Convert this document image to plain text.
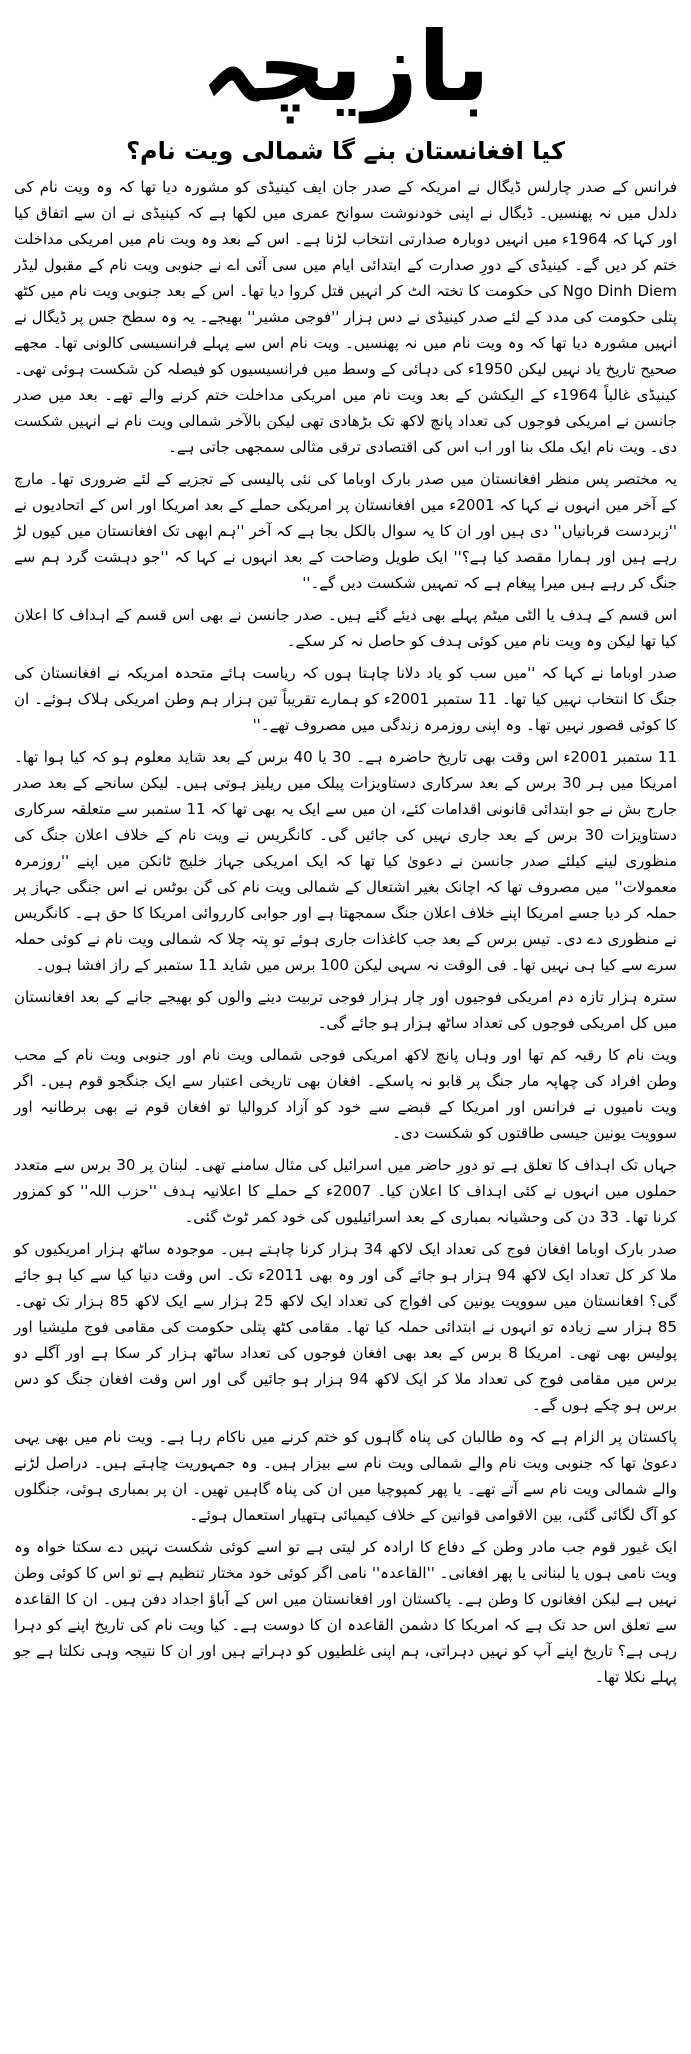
بازیچہ
کیا افغانستان بنے گا شمالی ویت نام؟

فرانس کے صدر چارلس ڈیگال نے امریکہ کے صدر جان ایف کینیڈی کو مشورہ دیا تھا کہ وہ ویت نام کی دلدل میں نہ پھنسیں۔ ڈیگال نے اپنی خودنوشت سوانح عمری میں لکھا ہے کہ کینیڈی نے ان سے اتفاق کیا اور کہا کہ 1964ء میں انہیں دوبارہ صدارتی انتخاب لڑنا ہے۔ اس کے بعد وہ ویت نام میں امریکی مداخلت ختم کر دیں گے۔ کینیڈی کے دورِ صدارت کے ابتدائی ایام میں سی آئی اے نے جنوبی ویت نام کے مقبول لیڈر Ngo Dinh Diem کی حکومت کا تختہ الٹ کر انہیں قتل کروا دیا تھا۔ اس کے بعد جنوبی ویت نام میں کٹھ پتلی حکومت کی مدد کے لئے صدر کینیڈی نے دس ہزار ''فوجی مشیر'' بھیجے۔ یہ وہ سطح جس پر ڈیگال نے انہیں مشورہ دیا تھا کہ وہ ویت نام میں نہ پھنسیں۔ ویت نام اس سے پہلے فرانسیسی کالونی تھا۔ مجھے صحیح تاریخ یاد نہیں لیکن 1950ء کی دہائی کے وسط میں فرانسیسیوں کو فیصلہ کن شکست ہوئی تھی۔ کینیڈی غالباً 1964ء کے الیکشن کے بعد ویت نام میں امریکی مداخلت ختم کرنے والے تھے۔ بعد میں صدر جانسن نے امریکی فوجوں کی تعداد پانچ لاکھ تک بڑھادی تھی لیکن بالآخر شمالی ویت نام نے انہیں شکست دی۔ ویت نام ایک ملک بنا اور اب اس کی اقتصادی ترقی مثالی سمجھی جاتی ہے۔

یہ مختصر پس منظر افغانستان میں صدر بارک اوباما کی نئی پالیسی کے تجزیے کے لئے ضروری تھا۔ مارچ کے آخر میں انہوں نے کہا کہ 2001ء میں افغانستان پر امریکی حملے کے بعد امریکا اور اس کے اتحادیوں نے ''زبردست قربانیاں'' دی ہیں اور ان کا یہ سوال بالکل بجا ہے کہ آخر ''ہم ابھی تک افغانستان میں کیوں لڑ رہے ہیں اور ہمارا مقصد کیا ہے؟'' ایک طویل وضاحت کے بعد انہوں نے کہا کہ ''جو دہشت گرد ہم سے جنگ کر رہے ہیں میرا پیغام ہے کہ تمہیں شکست دیں گے۔''

اس قسم کے ہدف یا الٹی میٹم پہلے بھی دیئے گئے ہیں۔ صدر جانسن نے بھی اس قسم کے اہداف کا اعلان کیا تھا لیکن وہ ویت نام میں کوئی ہدف کو حاصل نہ کر سکے۔

صدر اوباما نے کہا کہ ''میں سب کو یاد دلانا چاہتا ہوں کہ ریاست ہائے متحدہ امریکہ نے افغانستان کی جنگ کا انتخاب نہیں کیا تھا۔ 11 ستمبر 2001ء کو ہمارے تقریباً تین ہزار ہم وطن امریکی ہلاک ہوئے۔ ان کا کوئی قصور نہیں تھا۔ وہ اپنی روزمرہ زندگی میں مصروف تھے۔''

11 ستمبر 2001ء اس وقت بھی تاریخ حاضرہ ہے۔ 30 یا 40 برس کے بعد شاید معلوم ہو کہ کیا ہوا تھا۔ امریکا میں ہر 30 برس کے بعد سرکاری دستاویزات پبلک میں ریلیز ہوتی ہیں۔ لیکن سانحے کے بعد صدر جارج بش نے جو ابتدائی قانونی اقدامات کئے، ان میں سے ایک یہ بھی تھا کہ 11 ستمبر سے متعلقہ سرکاری دستاویزات 30 برس کے بعد جاری نہیں کی جائیں گی۔ کانگریس نے ویت نام کے خلاف اعلان جنگ کی منظوری لینے کیلئے صدر جانسن نے دعویٰ کیا تھا کہ ایک امریکی جہاز خلیج ٹانکن میں اپنے ''روزمرہ معمولات'' میں مصروف تھا کہ اچانک بغیر اشتعال کے شمالی ویت نام کی گن بوٹس نے اس جنگی جہاز پر حملہ کر دیا جسے امریکا اپنے خلاف اعلان جنگ سمجھتا ہے اور جوابی کارروائی امریکا کا حق ہے۔ کانگریس نے منظوری دے دی۔ تیس برس کے بعد جب کاغذات جاری ہوئے تو پتہ چلا کہ شمالی ویت نام نے کوئی حملہ سرے سے کیا ہی نہیں تھا۔ فی الوقت نہ سہی لیکن 100 برس میں شاید 11 ستمبر کے راز افشا ہوں۔

سترہ ہزار تازہ دم امریکی فوجیوں اور چار ہزار فوجی تربیت دینے والوں کو بھیجے جانے کے بعد افغانستان میں کل امریکی فوجوں کی تعداد ساٹھ ہزار ہو جائے گی۔

ویت نام کا رقبہ کم تھا اور وہاں پانچ لاکھ امریکی فوجی شمالی ویت نام اور جنوبی ویت نام کے محب وطن افراد کی چھاپہ مار جنگ پر قابو نہ پاسکے۔ افغان بھی تاریخی اعتبار سے ایک جنگجو قوم ہیں۔ اگر ویت نامیوں نے فرانس اور امریکا کے قبضے سے خود کو آزاد کروالیا تو افغان قوم نے بھی برطانیہ اور سوویت یونین جیسی طاقتوں کو شکست دی۔

جہاں تک اہداف کا تعلق ہے تو دورِ حاضر میں اسرائیل کی مثال سامنے تھی۔ لبنان پر 30 برس سے متعدد حملوں میں انہوں نے کئی اہداف کا اعلان کیا۔ 2007ء کے حملے کا اعلانیہ ہدف ''حزب اللہ'' کو کمزور کرنا تھا۔ 33 دن کی وحشیانہ بمباری کے بعد اسرائیلیوں کی خود کمر ٹوٹ گئی۔

صدر بارک اوباما افغان فوج کی تعداد ایک لاکھ 34 ہزار کرنا چاہتے ہیں۔ موجودہ ساٹھ ہزار امریکیوں کو ملا کر کل تعداد ایک لاکھ 94 ہزار ہو جائے گی اور وہ بھی 2011ء تک۔ اس وقت دنیا کیا سے کیا ہو جائے گی؟ افغانستان میں سوویت یونین کی افواج کی تعداد ایک لاکھ 25 ہزار سے ایک لاکھ 85 ہزار تک تھی۔ 85 ہزار سے زیادہ تو انہوں نے ابتدائی حملہ کیا تھا۔ مقامی کٹھ پتلی حکومت کی مقامی فوج ملیشیا اور پولیس بھی تھی۔ امریکا 8 برس کے بعد بھی افغان فوجوں کی تعداد ساٹھ ہزار کر سکا ہے اور آگلے دو برس میں مقامی فوج کی تعداد ملا کر ایک لاکھ 94 ہزار ہو جائیں گی اور اس وقت افغان جنگ کو دس برس ہو چکے ہوں گے۔

پاکستان پر الزام ہے کہ وہ طالبان کی پناہ گاہوں کو ختم کرنے میں ناکام رہا ہے۔ ویت نام میں بھی یہی دعویٰ تھا کہ جنوبی ویت نام والے شمالی ویت نام سے بیزار ہیں۔ وہ جمہوریت چاہتے ہیں۔ دراصل لڑنے والے شمالی ویت نام سے آتے تھے۔ یا پھر کمپوچیا میں ان کی پناہ گاہیں تھیں۔ ان پر بمباری ہوئی، جنگلوں کو آگ لگائی گئی، بین الاقوامی قوانین کے خلاف کیمیائی ہتھیار استعمال ہوئے۔

ایک غیور قوم جب مادر وطن کے دفاع کا ارادہ کر لیتی ہے تو اسے کوئی شکست نہیں دے سکتا خواہ وہ ویت نامی ہوں یا لبنانی یا پھر افغانی۔ ''القاعدہ'' نامی اگر کوئی خود مختار تنظیم ہے تو اس کا کوئی وطن نہیں ہے لیکن افغانوں کا وطن ہے۔ پاکستان اور افغانستان میں اس کے آباؤ اجداد دفن ہیں۔ ان کا القاعدہ سے تعلق اس حد تک ہے کہ امریکا کا دشمن القاعدہ ان کا دوست ہے۔ کیا ویت نام کی تاریخ اپنے کو دہرا رہی ہے؟ تاریخ اپنے آپ کو نہیں دہراتی، ہم اپنی غلطیوں کو دہراتے ہیں اور ان کا نتیجہ وہی نکلتا ہے جو پہلے نکلا تھا۔
